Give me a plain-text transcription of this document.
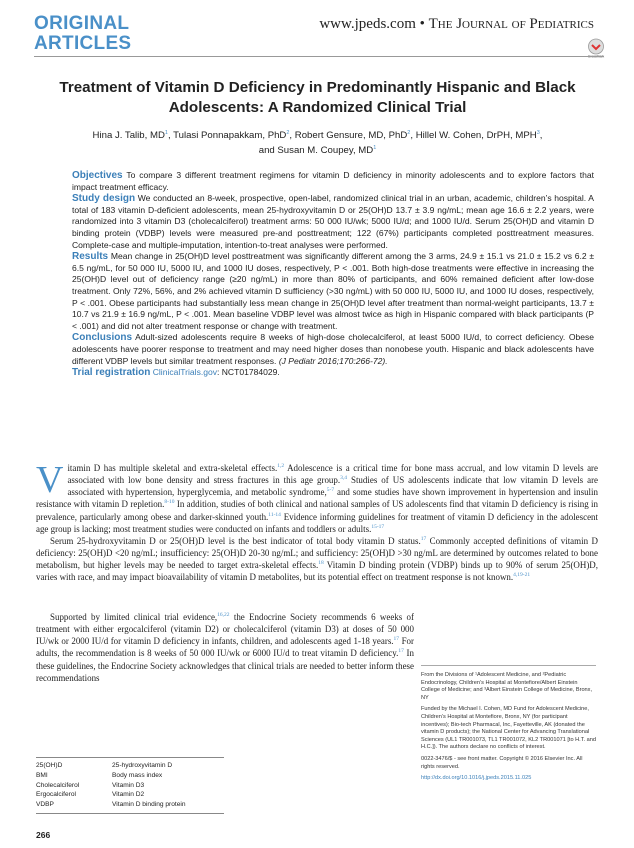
ORIGINAL
ARTICLES
www.jpeds.com • The Journal of Pediatrics
CrossMark
Treatment of Vitamin D Deficiency in Predominantly Hispanic and Black Adolescents: A Randomized Clinical Trial
Hina J. Talib, $MD^1$, Tulasi Ponnapakkam, PhD$^2$, Robert Gensure, MD, PhD$^2$, Hillel W. Cohen, DrPH, MPH$^3$,
and Susan M. Coupey, $MD^1$

Objectives To compare 3 different treatment regimens for vitamin D deficiency in minority adolescents and to explore factors that impact treatment efficacy.

Study design We conducted an 8-week, prospective, open-label, randomized clinical trial in an urban, academic, children’s hospital. A total of 183 vitamin D-deficient adolescents, mean 25-hydroxyvitamin D or 25(OH)D 13.7 ± 3.9 ng/mL; mean age 16.6 ± 2.2 years, were randomized into 3 vitamin D3 (cholecalciferol) treatment arms: 50 000 IU/wk; 5000 IU/d; and 1000 IU/d. Serum 25(OH)D and vitamin D binding protein (VDBP) levels were measured pre-and posttreatment; 122 (67%) participants completed posttreatment measures. Complete-case and multiple-imputation, intention-to-treat analyses were performed.

Results Mean change in 25(OH)D level posttreatment was significantly different among the 3 arms, 24.9 ± 15.1 vs 21.0 ± 15.2 vs 6.2 ± 6.5 ng/mL, for 50 000 IU, 5000 IU, and 1000 IU doses, respectively, P < .001. Both high-dose treatments were effective in increasing the 25(OH)D level out of deficiency range (≥20 ng/mL) in more than 80% of participants, and 60% remained deficient after low-dose treatment. Only 72%, 56%, and 2% achieved vitamin D sufficiency (>30 ng/mL) with 50 000 IU, 5000 IU, and 1000 IU doses, respectively, P < .001. Obese participants had substantially less mean change in 25(OH)D level after treatment than normal-weight participants, 13.7 ± 10.7 vs 21.9 ± 16.9 ng/mL, P < .001. Mean baseline VDBP level was almost twice as high in Hispanic compared with black participants (P < .001) and did not alter treatment response or change with treatment.

Conclusions Adult-sized adolescents require 8 weeks of high-dose cholecalciferol, at least 5000 IU/d, to correct deficiency. Obese adolescents have poorer response to treatment and may need higher doses than nonobese youth. Hispanic and black adolescents have different VDBP levels but similar treatment responses. (J Pediatr 2016;170:266-72).

Trial registration ClinicalTrials.gov: NCT01784029.

Vitamin D has multiple skeletal and extra-skeletal effects.$^{1,2}$ Adolescence is a critical time for bone mass accrual, and low vitamin D levels are associated with low bone density and stress fractures in this age group.$^{3,4}$ Studies of US adolescents indicate that low vitamin D levels are associated with hypertension, hyperglycemia, and metabolic syndrome,$^{5-7}$ and some studies have shown improvement in hypertension and insulin resistance with vitamin D repletion.$^{8-10}$ In addition, studies of both clinical and national samples of US adolescents find that vitamin D deficiency is rising in prevalence, particularly among obese and darker-skinned youth.$^{11-14}$ Evidence informing guidelines for treatment of vitamin D deficiency in the adolescent age group is lacking; most treatment studies were conducted on infants and toddlers or adults.$^{15-17}$

Serum 25-hydroxyvitamin D or 25(OH)D level is the best indicator of total body vitamin D status.$^{17}$ Commonly accepted definitions of vitamin D deficiency: 25(OH)D <20 ng/mL; insufficiency: 25(OH)D 20-30 ng/mL; and sufficiency: 25(OH)D >30 ng/mL are determined by outcomes related to bone metabolism, but higher levels may be needed to target extra-skeletal effects.$^{18}$ Vitamin D binding protein (VDBP) binds up to 90% of serum 25(OH)D, varies with race, and may impact bioavailability of vitamin D metabolites, but its potential effect on treatment response is not known.$^{4,19-21}$

Supported by limited clinical trial evidence,$^{16,22}$ the Endocrine Society recommends 6 weeks of treatment with either ergocalciferol (vitamin D2) or cholecalciferol (vitamin D3) at doses of 50 000 IU/wk or 2000 IU/d for vitamin D deficiency in infants, children, and adolescents aged 1-18 years.$^{17}$ For adults, the recommendation is 8 weeks of 50 000 IU/wk or 6000 IU/d to treat vitamin D deficiency.$^{17}$ In these guidelines, the Endocrine Society acknowledges that clinical trials are needed to better inform these recommendations	From the Divisions of ¹Adolescent Medicine, and ²Pediatric Endocrinology, Children’s Hospital at Montefiore/Albert Einstein College of Medicine; and ³Albert Einstein College of Medicine, Bronx, NY

Funded by the Michael I. Cohen, MD Fund for Adolescent Medicine, Children’s Hospital at Montefiore, Bronx, NY (for participant incentives); Bio-tech Pharmacal, Inc, Fayetteville, AK (donated the vitamin D products); the National Center for Advancing Translational Sciences (UL1 TR001073, TL1 TR001072, KL2 TR001071 [to H.T. and H.C.]). The authors declare no conflicts of interest.

0022-3476/$ - see front matter. Copyright © 2016 Elsevier Inc. All rights reserved.

http://dx.doi.org/10.1016/j.jpeds.2015.11.025

25(OH)D	25-hydroxyvitamin D
BMI	Body mass index
Cholecalciferol	Vitamin D3
Ergocalciferol	Vitamin D2
VDBP	Vitamin D binding protein
266
